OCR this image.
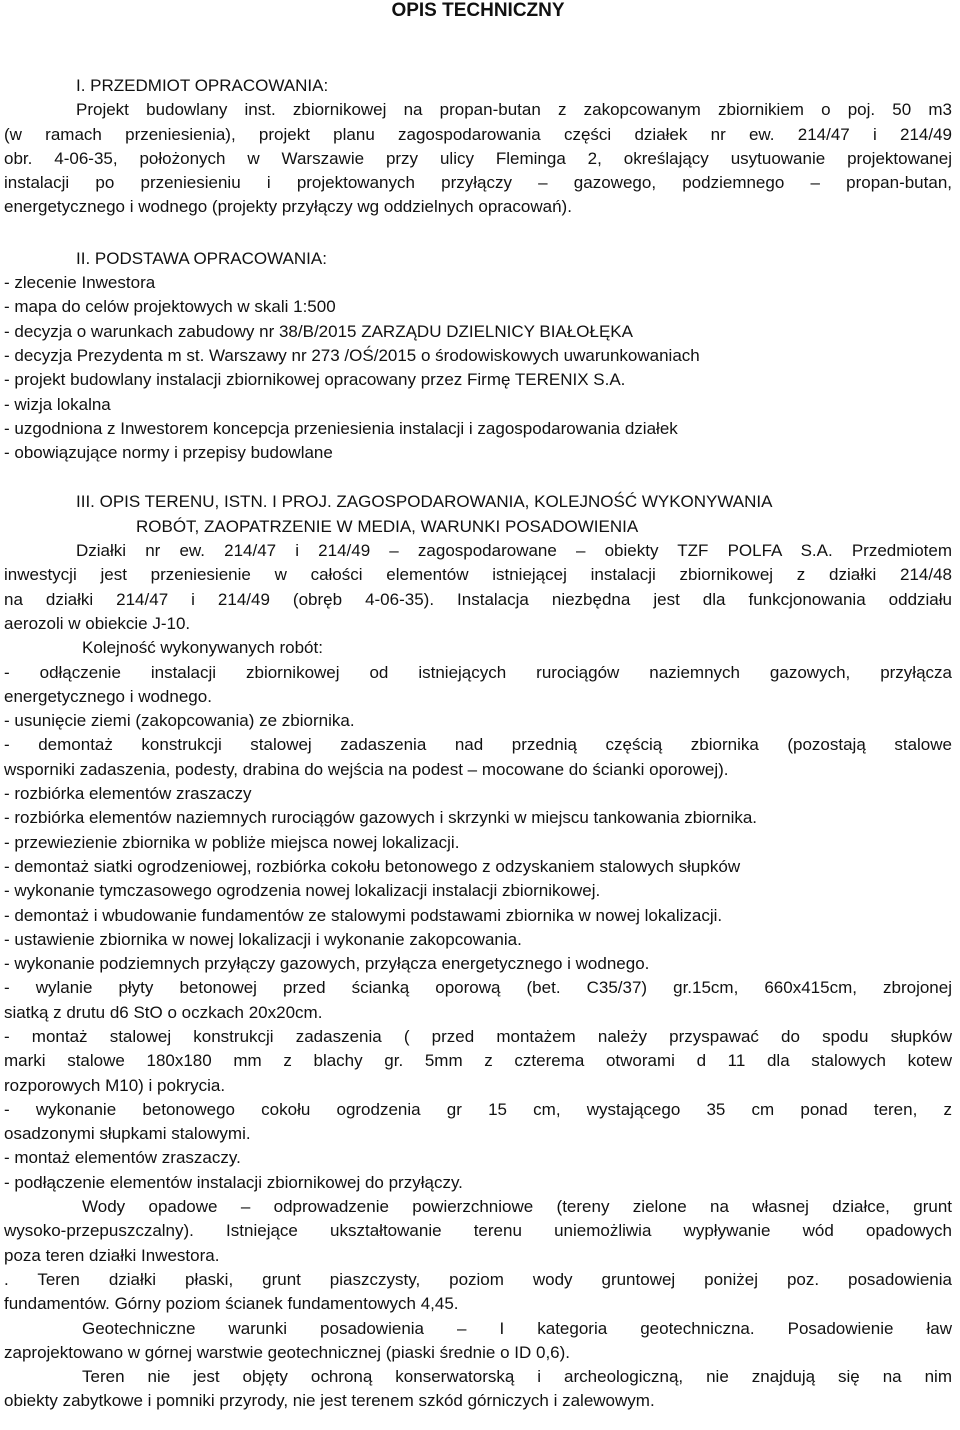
OPIS TECHNICZNY
I. PRZEDMIOT OPRACOWANIA:
Projekt budowlany inst. zbiornikowej na propan-butan z zakopcowanym zbiornikiem o poj. 50 m3
(w ramach przeniesienia), projekt planu zagospodarowania części działek nr ew. 214/47 i 214/49
obr. 4-06-35, położonych w Warszawie przy ulicy Fleminga 2, określający usytuowanie projektowanej
instalacji po przeniesieniu i projektowanych przyłączy – gazowego, podziemnego – propan-butan,
energetycznego i wodnego (projekty przyłączy wg oddzielnych opracowań).
II. PODSTAWA OPRACOWANIA:
- zlecenie Inwestora
- mapa do celów projektowych w skali 1:500
- decyzja o warunkach zabudowy nr 38/B/2015 ZARZĄDU DZIELNICY BIAŁOŁĘKA
- decyzja Prezydenta m st. Warszawy nr 273 /OŚ/2015 o środowiskowych uwarunkowaniach
- projekt budowlany instalacji zbiornikowej opracowany przez Firmę TERENIX S.A.
- wizja lokalna
- uzgodniona z Inwestorem koncepcja przeniesienia instalacji i zagospodarowania działek
- obowiązujące normy i przepisy budowlane
III. OPIS TERENU, ISTN. I PROJ. ZAGOSPODAROWANIA, KOLEJNOŚĆ WYKONYWANIA
ROBÓT, ZAOPATRZENIE W MEDIA, WARUNKI POSADOWIENIA
Działki nr ew. 214/47 i 214/49 – zagospodarowane – obiekty TZF POLFA S.A. Przedmiotem
inwestycji jest przeniesienie w całości elementów istniejącej instalacji zbiornikowej z działki 214/48
na działki 214/47 i 214/49 (obręb 4-06-35). Instalacja niezbędna jest dla funkcjonowania oddziału
aerozoli w obiekcie J-10.
Kolejność wykonywanych robót:
- odłączenie instalacji zbiornikowej od istniejących rurociągów naziemnych gazowych, przyłącza
energetycznego i wodnego.
- usunięcie ziemi (zakopcowania) ze zbiornika.
- demontaż konstrukcji stalowej zadaszenia nad przednią częścią zbiornika (pozostają stalowe
wsporniki zadaszenia, podesty, drabina do wejścia na podest – mocowane do ścianki oporowej).
- rozbiórka elementów zraszaczy
- rozbiórka elementów naziemnych rurociągów gazowych i skrzynki w miejscu tankowania zbiornika.
- przewiezienie zbiornika w pobliże miejsca nowej lokalizacji.
- demontaż siatki ogrodzeniowej, rozbiórka cokołu betonowego z odzyskaniem stalowych słupków
- wykonanie tymczasowego ogrodzenia nowej lokalizacji instalacji zbiornikowej.
- demontaż i wbudowanie fundamentów ze stalowymi podstawami zbiornika w nowej lokalizacji.
- ustawienie zbiornika w nowej lokalizacji i wykonanie zakopcowania.
- wykonanie podziemnych przyłączy gazowych, przyłącza energetycznego i wodnego.
- wylanie płyty betonowej przed ścianką oporową (bet. C35/37) gr.15cm, 660x415cm, zbrojonej
siatką z drutu d6 StO o oczkach 20x20cm.
- montaż stalowej konstrukcji zadaszenia ( przed montażem należy przyspawać do spodu słupków
marki stalowe 180x180 mm z blachy gr. 5mm z czterema otworami d 11 dla stalowych kotew
rozporowych M10) i pokrycia.
- wykonanie betonowego cokołu ogrodzenia gr 15 cm, wystającego 35 cm ponad teren, z
osadzonymi słupkami stalowymi.
- montaż elementów zraszaczy.
- podłączenie elementów instalacji zbiornikowej do przyłączy.
Wody opadowe – odprowadzenie powierzchniowe (tereny zielone na własnej działce, grunt
wysoko-przepuszczalny). Istniejące ukształtowanie terenu uniemożliwia wypływanie wód opadowych
poza teren działki Inwestora.
. Teren działki płaski, grunt piaszczysty, poziom wody gruntowej poniżej poz. posadowienia
fundamentów. Górny poziom ścianek fundamentowych 4,45.
Geotechniczne warunki posadowienia – I kategoria geotechniczna. Posadowienie ław
zaprojektowano w górnej warstwie geotechnicznej (piaski średnie o ID 0,6).
Teren nie jest objęty ochroną konserwatorską i archeologiczną, nie znajdują się na nim
obiekty zabytkowe i pomniki przyrody, nie jest terenem szkód górniczych i zalewowym.
